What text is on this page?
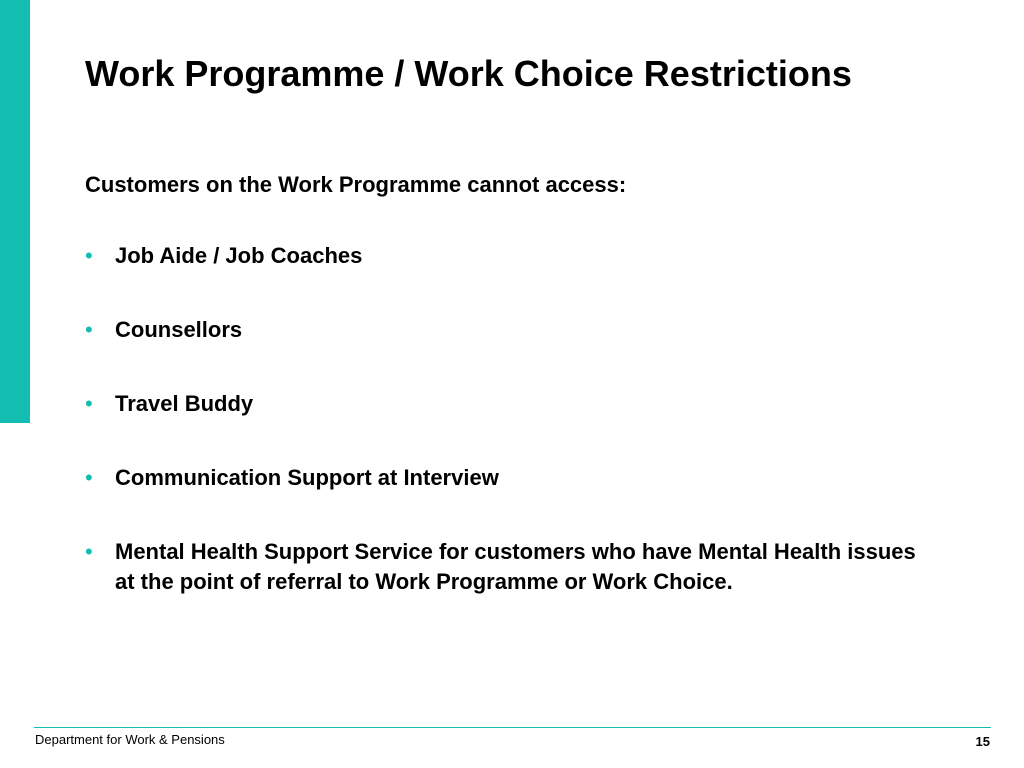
Work Programme / Work Choice Restrictions

Customers on the Work Programme cannot access:

• Job Aide / Job Coaches
• Counsellors
• Travel Buddy
• Communication Support at Interview
• Mental Health Support Service for customers who have Mental Health issues at the point of referral to Work Programme or Work Choice.
Department for Work & Pensions	15
